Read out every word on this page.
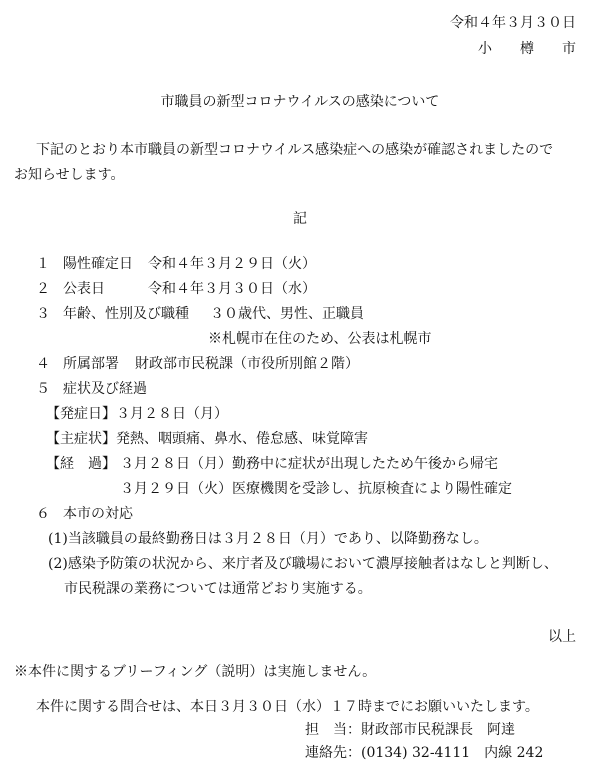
令和４年３月３０日
小　　樽　　市
市職員の新型コロナウイルスの感染について
下記のとおり本市職員の新型コロナウイルス感染症への感染が確認されましたので
お知らせします。
記
１ 陽性確定日 令和４年３月２９日（火）
２ 公表日	令和４年３月３０日（水）
３ 年齢、性別及び職種 ３０歳代、男性、正職員
※札幌市在住のため、公表は札幌市
４ 所属部署 財政部市民税課（市役所別館２階）
５ 症状及び経過
【発症日】３月２８日（月）
【主症状】発熱、咽頭痛、鼻水、倦怠感、味覚障害
【経　過】 ３月２８日（月）勤務中に症状が出現したため午後から帰宅
３月２９日（火）医療機関を受診し、抗原検査により陽性確定
６ 本市の対応
(1)当該職員の最終勤務日は３月２８日（月）であり、以降勤務なし。
(2)感染予防策の状況から、来庁者及び職場において濃厚接触者はなしと判断し、
市民税課の業務については通常どおり実施する。
以上
※本件に関するブリーフィング（説明）は実施しません。
本件に関する問合せは、本日３月３０日（水）１７時までにお願いいたします。
担　当：財政部市民税課長　阿達
連絡先：(0134) 32-4111　内線 242
